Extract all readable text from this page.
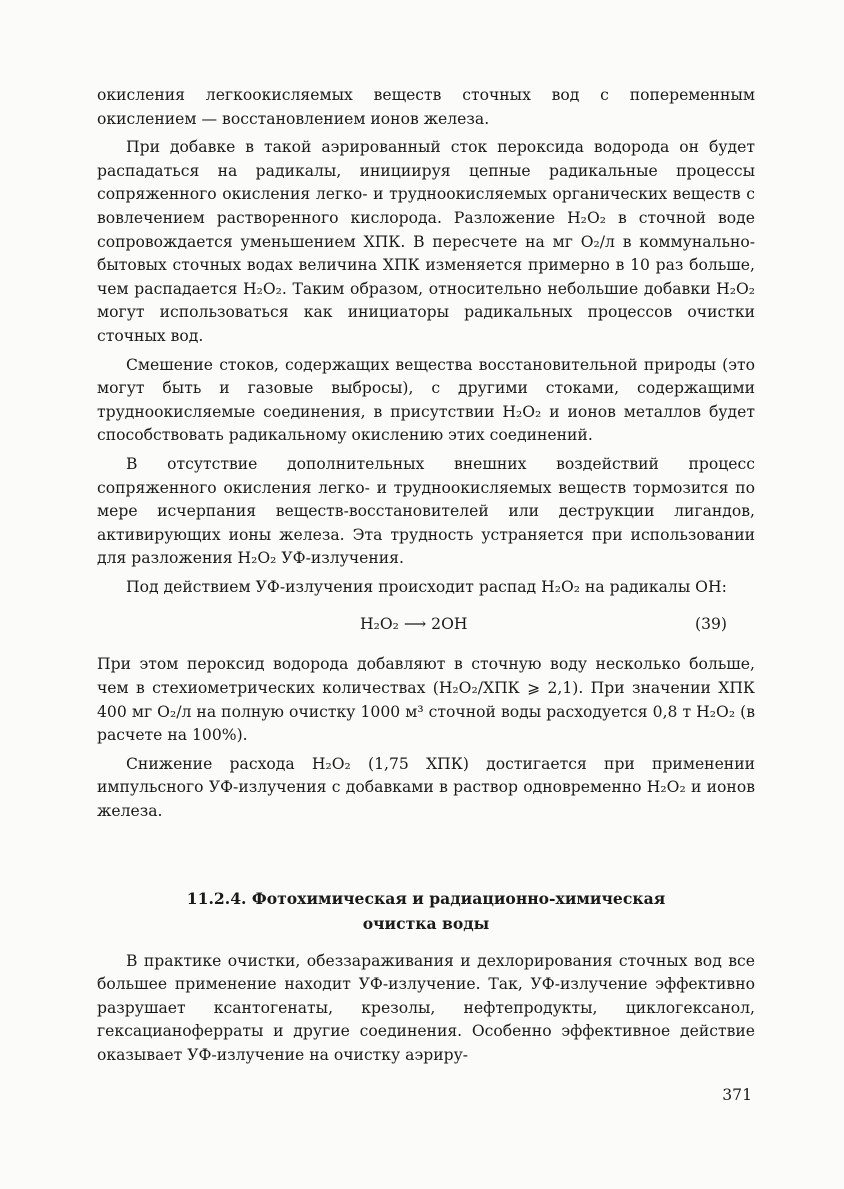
окисления легкоокисляемых веществ сточных вод с попеременным окислением — восстановлением ионов железа.

При добавке в такой аэрированный сток пероксида водорода он будет распадаться на радикалы, инициируя цепные радикальные процессы сопряженного окисления легко- и трудноокисляемых органических веществ с вовлечением растворенного кислорода. Разложение H₂O₂ в сточной воде сопровождается уменьшением ХПК. В пересчете на мг O₂/л в коммунально-бытовых сточных водах величина ХПК изменяется примерно в 10 раз больше, чем распадается H₂O₂. Таким образом, относительно небольшие добавки H₂O₂ могут использоваться как инициаторы радикальных процессов очистки сточных вод.

Смешение стоков, содержащих вещества восстановительной природы (это могут быть и газовые выбросы), с другими стоками, содержащими трудноокисляемые соединения, в присутствии H₂O₂ и ионов металлов будет способствовать радикальному окислению этих соединений.

В отсутствие дополнительных внешних воздействий процесс сопряженного окисления легко- и трудноокисляемых веществ тормозится по мере исчерпания веществ-восстановителей или деструкции лигандов, активирующих ионы железа. Эта трудность устраняется при использовании для разложения H₂O₂ УФ-излучения.

Под действием УФ-излучения происходит распад H₂O₂ на радикалы OH:

H₂O₂ ⟶ 2OH	(39)

При этом пероксид водорода добавляют в сточную воду несколько больше, чем в стехиометрических количествах (H₂O₂/ХПК ⩾ 2,1). При значении ХПК 400 мг O₂/л на полную очистку 1000 м³ сточной воды расходуется 0,8 т H₂O₂ (в расчете на 100%).

Снижение расхода H₂O₂ (1,75 ХПК) достигается при применении импульсного УФ-излучения с добавками в раствор одновременно H₂O₂ и ионов железа.

11.2.4. Фотохимическая и радиационно-химическая
очистка воды

В практике очистки, обеззараживания и дехлорирования сточных вод все большее применение находит УФ-излучение. Так, УФ-излучение эффективно разрушает ксантогенаты, крезолы, нефтепродукты, циклогексанол, гексацианоферраты и другие соединения. Особенно эффективное действие оказывает УФ-излучение на очистку аэриру-

371
